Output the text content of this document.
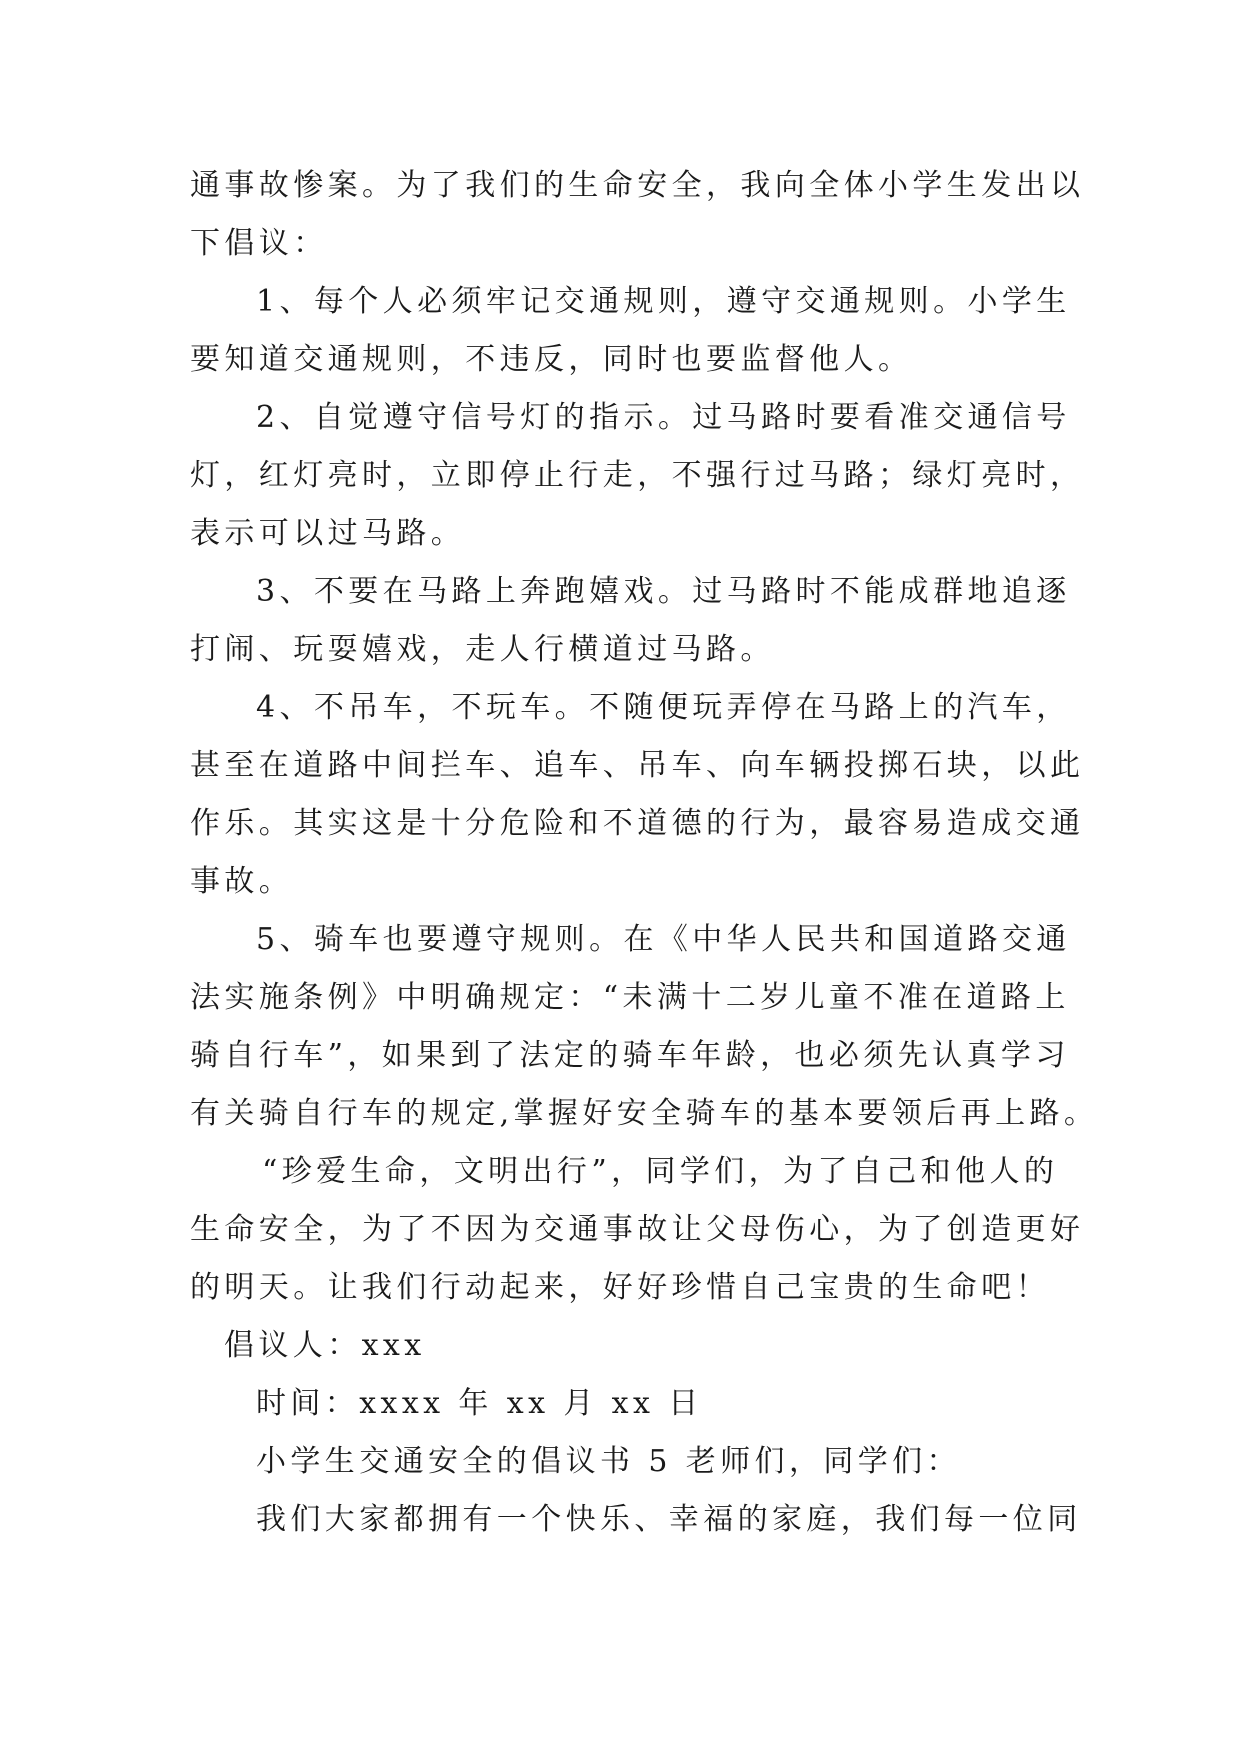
通事故惨案。为了我们的生命安全，我向全体小学生发出以
下倡议：
1、每个人必须牢记交通规则，遵守交通规则。小学生
要知道交通规则，不违反，同时也要监督他人。
2、自觉遵守信号灯的指示。过马路时要看准交通信号
灯，红灯亮时，立即停止行走，不强行过马路；绿灯亮时，
表示可以过马路。
3、不要在马路上奔跑嬉戏。过马路时不能成群地追逐
打闹、玩耍嬉戏，走人行横道过马路。
4、不吊车，不玩车。不随便玩弄停在马路上的汽车，
甚至在道路中间拦车、追车、吊车、向车辆投掷石块，以此
作乐。其实这是十分危险和不道德的行为，最容易造成交通
事故。
5、骑车也要遵守规则。在《中华人民共和国道路交通
法实施条例》中明确规定：“未满十二岁儿童不准在道路上
骑自行车”，如果到了法定的骑车年龄，也必须先认真学习
有关骑自行车的规定,掌握好安全骑车的基本要领后再上路。
“珍爱生命，文明出行”，同学们，为了自己和他人的
生命安全，为了不因为交通事故让父母伤心，为了创造更好
的明天。让我们行动起来，好好珍惜自己宝贵的生命吧！
倡议人：xxx
时间：xxxx 年 xx 月 xx 日
小学生交通安全的倡议书 5 老师们，同学们：
我们大家都拥有一个快乐、幸福的家庭，我们每一位同
